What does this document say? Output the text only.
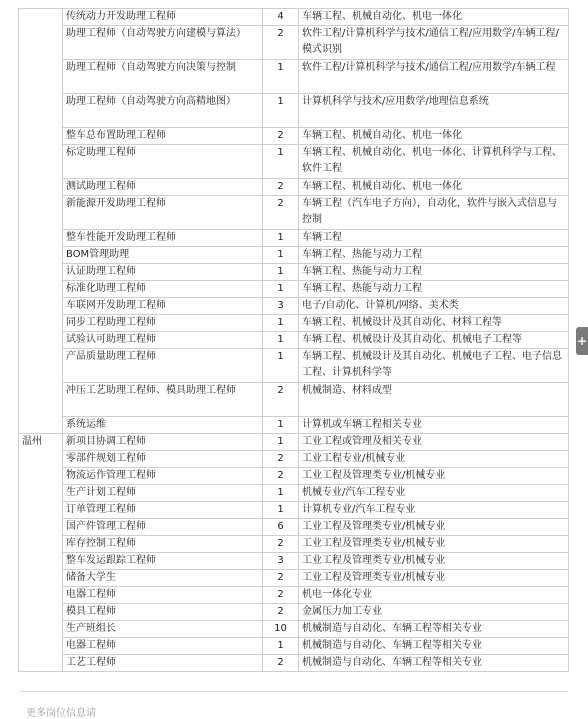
	传统动力开发助理工程师	4	车辆工程、机械自动化、机电一体化
	助理工程师（自动驾驶方向建模与算法）	2	软件工程/计算机科学与技术/通信工程/应用数学/车辆工程/模式识别
	助理工程师（自动驾驶方向决策与控制	1	软件工程/计算机科学与技术/通信工程/应用数学/车辆工程
	助理工程师（自动驾驶方向高精地图）	1	计算机科学与技术/应用数学/地理信息系统
	整车总布置助理工程师	2	车辆工程、机械自动化、机电一体化
	标定助理工程师	1	车辆工程、机械自动化、机电一体化、计算机科学与工程、软件工程
	测试助理工程师	2	车辆工程、机械自动化、机电一体化
	新能源开发助理工程师	2	车辆工程（汽车电子方向），自动化，软件与嵌入式信息与控制
	整车性能开发助理工程师	1	车辆工程
	BOM管理助理	1	车辆工程、热能与动力工程
	认证助理工程师	1	车辆工程、热能与动力工程
	标准化助理工程师	1	车辆工程、热能与动力工程
	车联网开发助理工程师	3	电子/自动化、计算机/网络、美术类
	同步工程助理工程师	1	车辆工程、机械设计及其自动化、材料工程等
	试验认可助理工程师	1	车辆工程、机械设计及其自动化、机械电子工程等
	产品质量助理工程师	1	车辆工程、机械设计及其自动化、机械电子工程、电子信息工程、计算机科学等
	冲压工艺助理工程师、模具助理工程师	2	机械制造、材料成型
	系统运维	1	计算机或车辆工程相关专业
温州	新项目协调工程师	1	工业工程或管理及相关专业
	零部件规划工程师	2	工业工程专业/机械专业
	物流运作管理工程师	2	工业工程及管理类专业/机械专业
	生产计划工程师	1	机械专业/汽车工程专业
	订单管理工程师	1	计算机专业/汽车工程专业
	国产件管理工程师	6	工业工程及管理类专业/机械专业
	库存控制工程师	2	工业工程及管理类专业/机械专业
	整车发运跟踪工程师	3	工业工程及管理类专业/机械专业
	储备大学生	2	工业工程及管理类专业/机械专业
	电器工程师	2	机电一体化专业
	模具工程师	2	金属压力加工专业
	生产班组长	10	机械制造与自动化、车辆工程等相关专业
	电器工程师	1	机械制造与自动化、车辆工程等相关专业
	工艺工程师	2	机械制造与自动化、车辆工程等相关专业
+
更多岗位信息请
